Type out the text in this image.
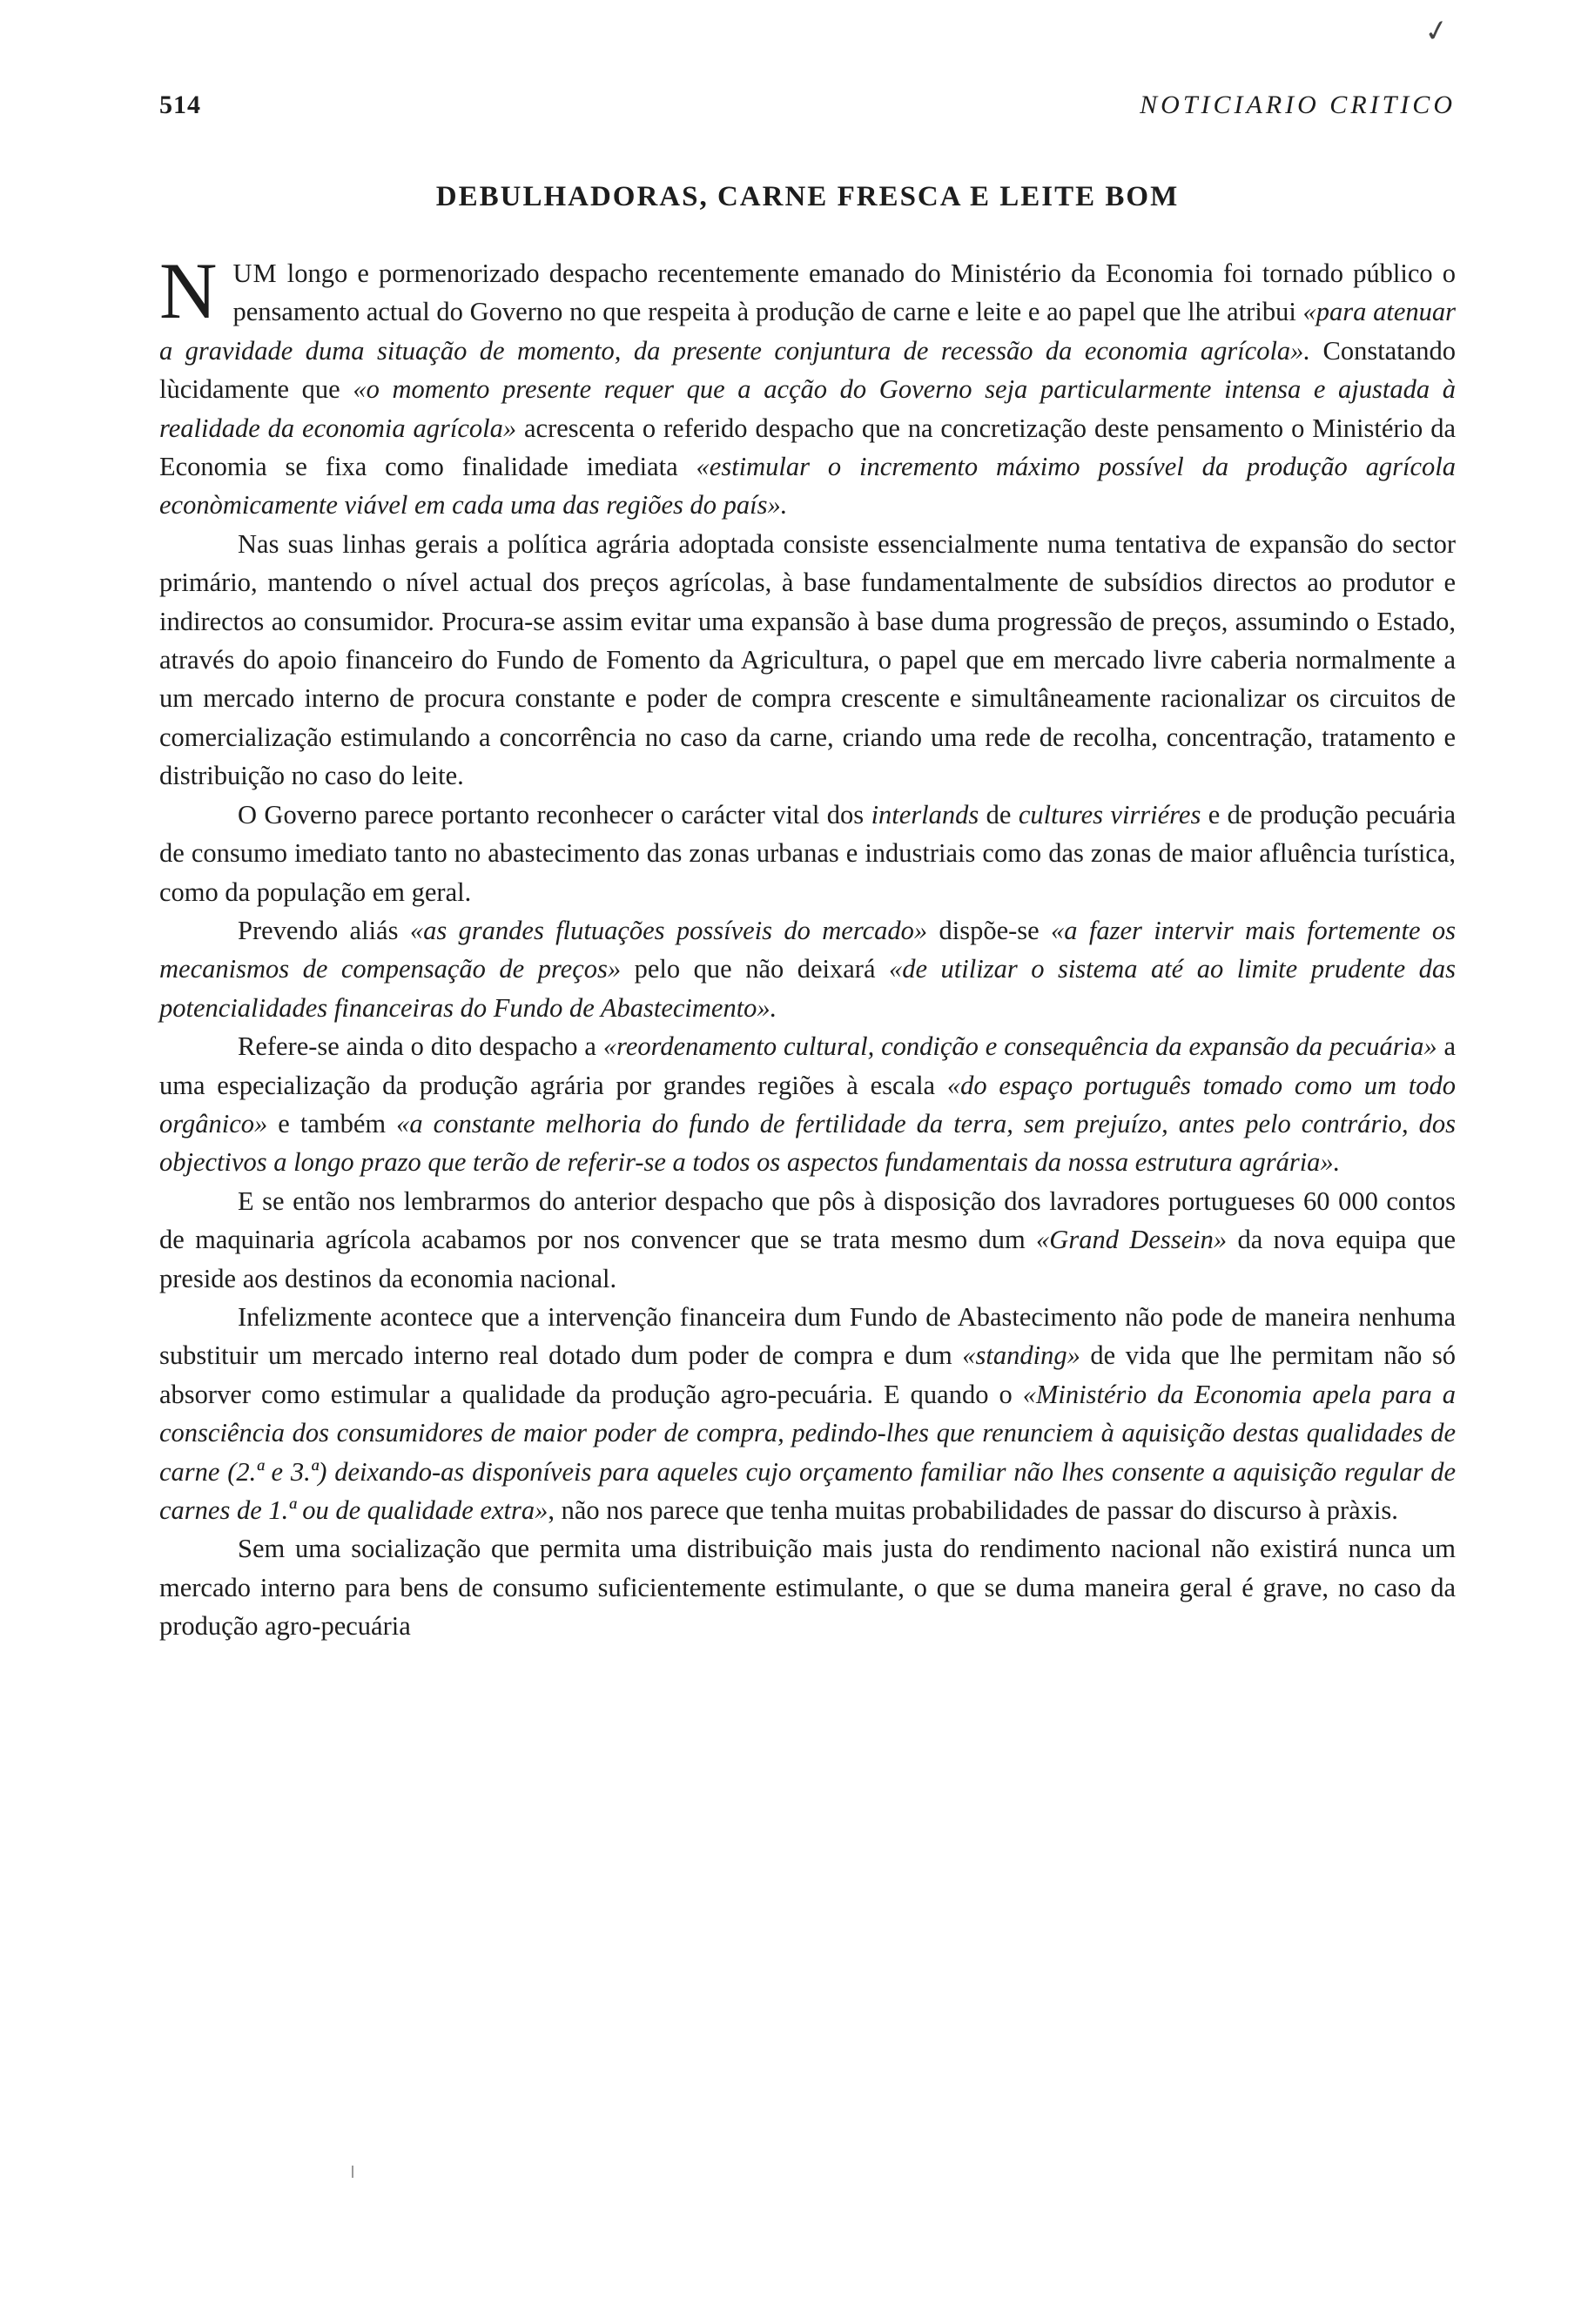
✓
514	NOTICIARIO CRITICO
DEBULHADORAS, CARNE FRESCA E LEITE BOM

NUM longo e pormenorizado despacho recentemente emanado do Ministério da Economia foi tornado público o pensamento actual do Governo no que respeita à produção de carne e leite e ao papel que lhe atribui «para atenuar a gravidade duma situação de momento, da presente conjuntura de recessão da economia agrícola». Constatando lùcidamente que «o momento presente requer que a acção do Governo seja particularmente intensa e ajustada à realidade da economia agrícola» acrescenta o referido despacho que na concretização deste pensamento o Ministério da Economia se fixa como finalidade imediata «estimular o incremento máximo possível da produção agrícola econòmicamente viável em cada uma das regiões do país».

Nas suas linhas gerais a política agrária adoptada consiste essencialmente numa tentativa de expansão do sector primário, mantendo o nível actual dos preços agrícolas, à base fundamentalmente de subsídios directos ao produtor e indirectos ao consumidor. Procura-se assim evitar uma expansão à base duma progressão de preços, assumindo o Estado, através do apoio financeiro do Fundo de Fomento da Agricultura, o papel que em mercado livre caberia normalmente a um mercado interno de procura constante e poder de compra crescente e simultâneamente racionalizar os circuitos de comercialização estimulando a concorrência no caso da carne, criando uma rede de recolha, concentração, tratamento e distribuição no caso do leite.

O Governo parece portanto reconhecer o carácter vital dos interlands de cultures virriéres e de produção pecuária de consumo imediato tanto no abastecimento das zonas urbanas e industriais como das zonas de maior afluência turística, como da população em geral.

Prevendo aliás «as grandes flutuações possíveis do mercado» dispõe-se «a fazer intervir mais fortemente os mecanismos de compensação de preços» pelo que não deixará «de utilizar o sistema até ao limite prudente das potencialidades financeiras do Fundo de Abastecimento».

Refere-se ainda o dito despacho a «reordenamento cultural, condição e consequência da expansão da pecuária» a uma especialização da produção agrária por grandes regiões à escala «do espaço português tomado como um todo orgânico» e também «a constante melhoria do fundo de fertilidade da terra, sem prejuízo, antes pelo contrário, dos objectivos a longo prazo que terão de referir-se a todos os aspectos fundamentais da nossa estrutura agrária».

E se então nos lembrarmos do anterior despacho que pôs à disposição dos lavradores portugueses 60 000 contos de maquinaria agrícola acabamos por nos convencer que se trata mesmo dum «Grand Dessein» da nova equipa que preside aos destinos da economia nacional.

Infelizmente acontece que a intervenção financeira dum Fundo de Abastecimento não pode de maneira nenhuma substituir um mercado interno real dotado dum poder de compra e dum «standing» de vida que lhe permitam não só absorver como estimular a qualidade da produção agro-pecuária. E quando o «Ministério da Economia apela para a consciência dos consumidores de maior poder de compra, pedindo-lhes que renunciem à aquisição destas qualidades de carne (2.ª e 3.ª) deixando-as disponíveis para aqueles cujo orçamento familiar não lhes consente a aquisição regular de carnes de 1.ª ou de qualidade extra», não nos parece que tenha muitas probabilidades de passar do discurso à pràxis.

Sem uma socialização que permita uma distribuição mais justa do rendimento nacional não existirá nunca um mercado interno para bens de consumo suficientemente estimulante, o que se duma maneira geral é grave, no caso da produção agro-pecuária
